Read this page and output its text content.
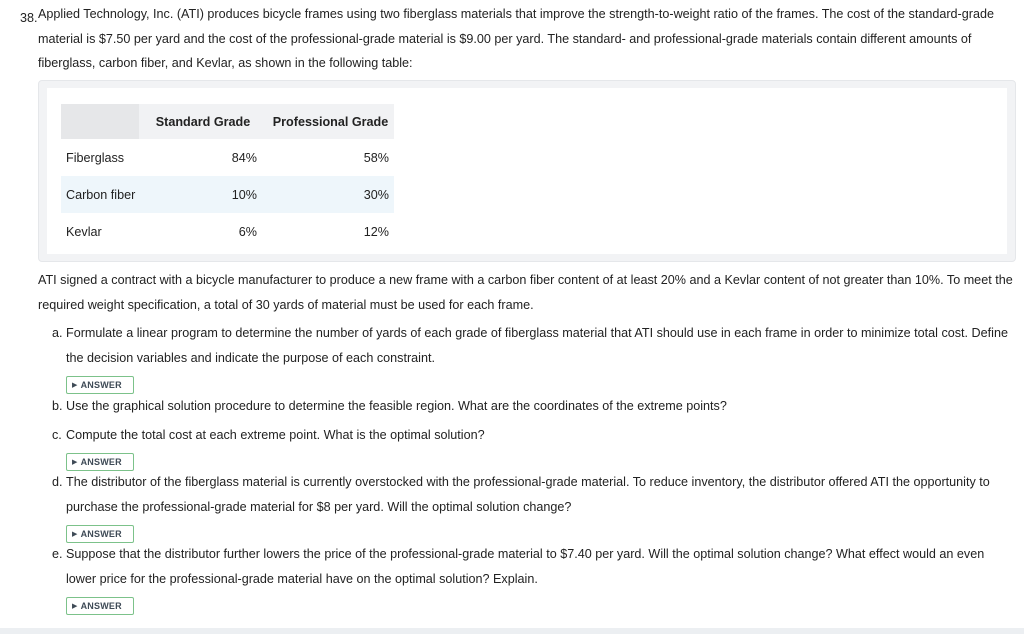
38. Applied Technology, Inc. (ATI) produces bicycle frames using two fiberglass materials that improve the strength-to-weight ratio of the frames. The cost of the standard-grade material is $7.50 per yard and the cost of the professional-grade material is $9.00 per yard. The standard- and professional-grade materials contain different amounts of fiberglass, carbon fiber, and Kevlar, as shown in the following table:
	Standard Grade	Professional Grade
Fiberglass	84%	58%
Carbon fiber	10%	30%
Kevlar	6%	12%
ATI signed a contract with a bicycle manufacturer to produce a new frame with a carbon fiber content of at least 20% and a Kevlar content of not greater than 10%. To meet the required weight specification, a total of 30 yards of material must be used for each frame.
a. Formulate a linear program to determine the number of yards of each grade of fiberglass material that ATI should use in each frame in order to minimize total cost. Define the decision variables and indicate the purpose of each constraint.
▶ ANSWER
b. Use the graphical solution procedure to determine the feasible region. What are the coordinates of the extreme points?
c. Compute the total cost at each extreme point. What is the optimal solution?
▶ ANSWER
d. The distributor of the fiberglass material is currently overstocked with the professional-grade material. To reduce inventory, the distributor offered ATI the opportunity to purchase the professional-grade material for $8 per yard. Will the optimal solution change?
▶ ANSWER
e. Suppose that the distributor further lowers the price of the professional-grade material to $7.40 per yard. Will the optimal solution change? What effect would an even lower price for the professional-grade material have on the optimal solution? Explain.
▶ ANSWER
